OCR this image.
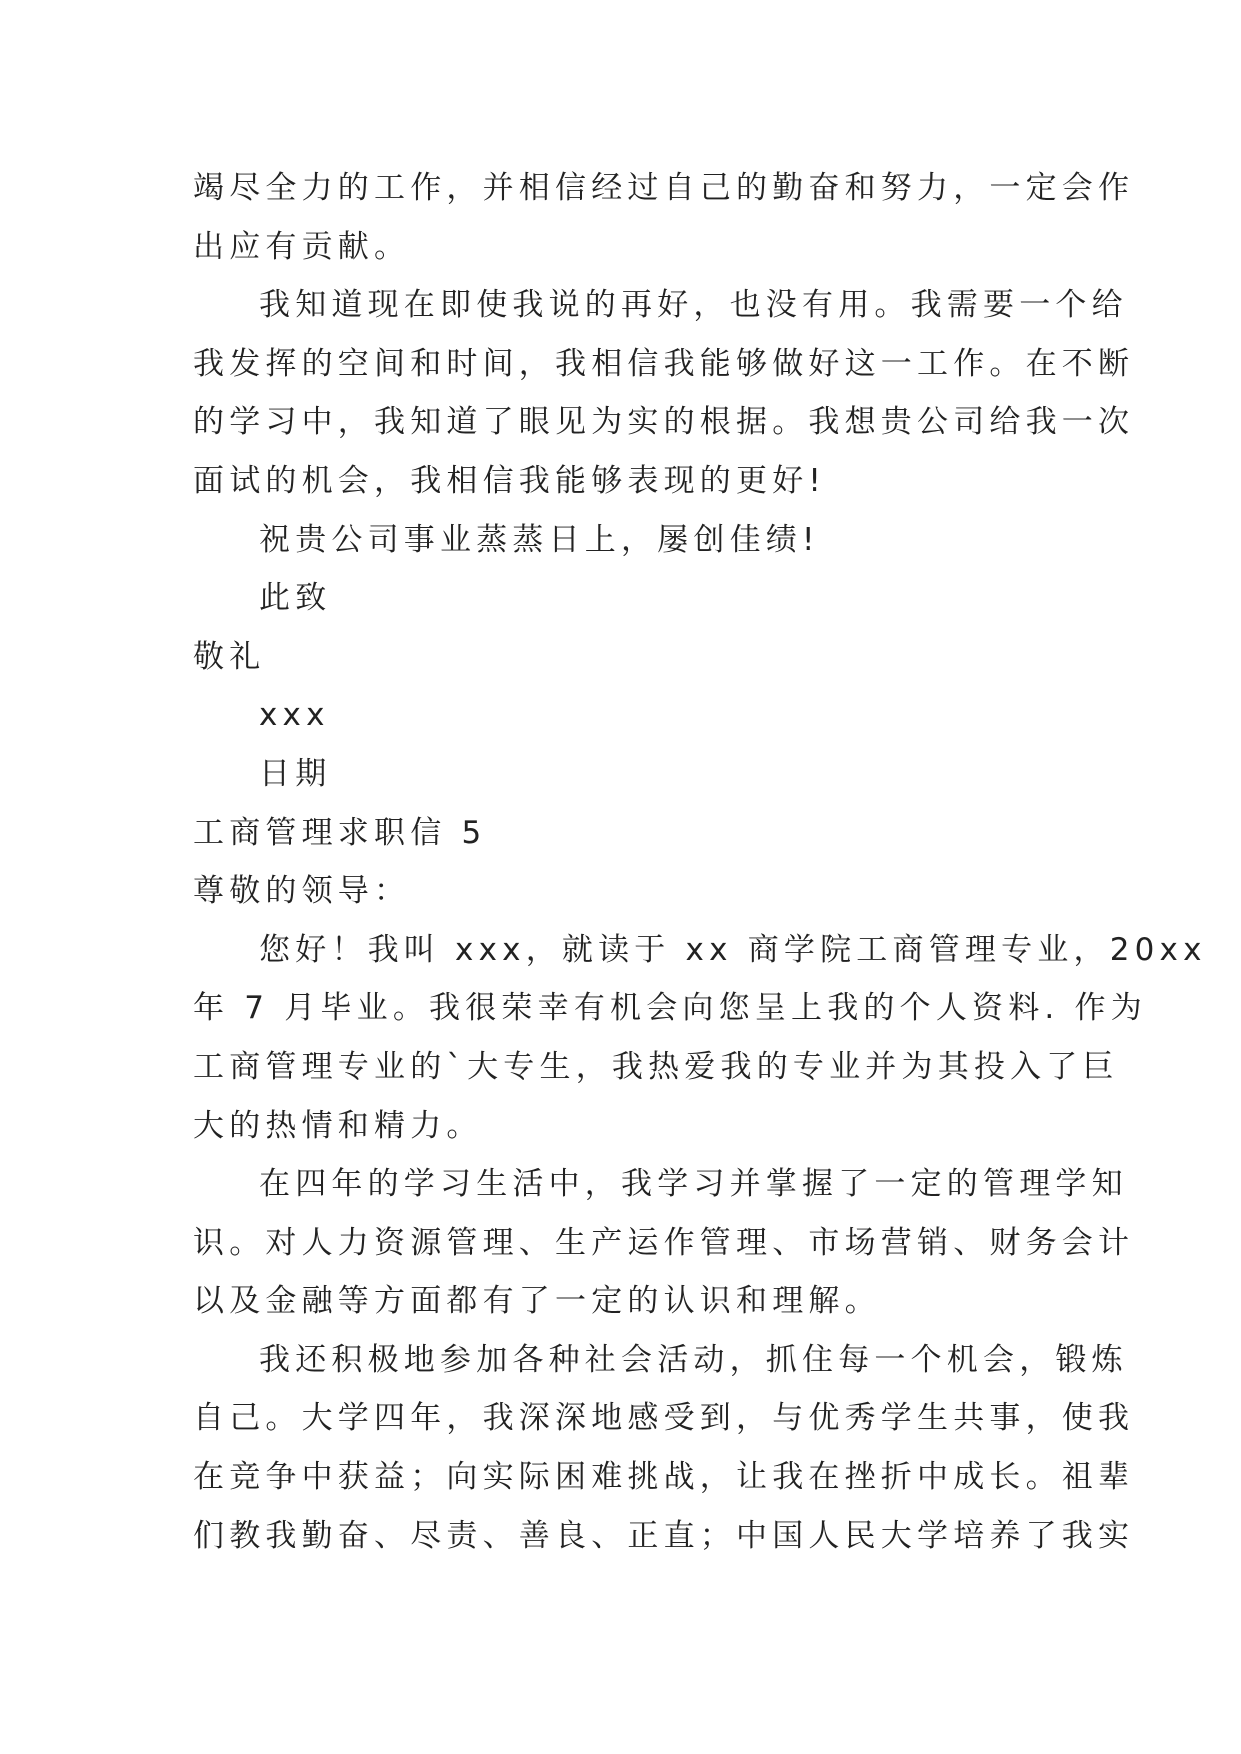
竭尽全力的工作，并相信经过自己的勤奋和努力，一定会作
出应有贡献。
我知道现在即使我说的再好，也没有用。我需要一个给
我发挥的空间和时间，我相信我能够做好这一工作。在不断
的学习中，我知道了眼见为实的根据。我想贵公司给我一次
面试的机会，我相信我能够表现的更好!
祝贵公司事业蒸蒸日上，屡创佳绩!
此致
敬礼
xxx
日期
工商管理求职信 5
尊敬的领导：
您好！我叫 xxx，就读于 xx 商学院工商管理专业，20xx
年 7 月毕业。我很荣幸有机会向您呈上我的个人资料. 作为
工商管理专业的`大专生，我热爱我的专业并为其投入了巨
大的热情和精力。
在四年的学习生活中，我学习并掌握了一定的管理学知
识。对人力资源管理、生产运作管理、市场营销、财务会计
以及金融等方面都有了一定的认识和理解。
我还积极地参加各种社会活动，抓住每一个机会，锻炼
自己。大学四年，我深深地感受到，与优秀学生共事，使我
在竞争中获益；向实际困难挑战，让我在挫折中成长。祖辈
们教我勤奋、尽责、善良、正直；中国人民大学培养了我实
